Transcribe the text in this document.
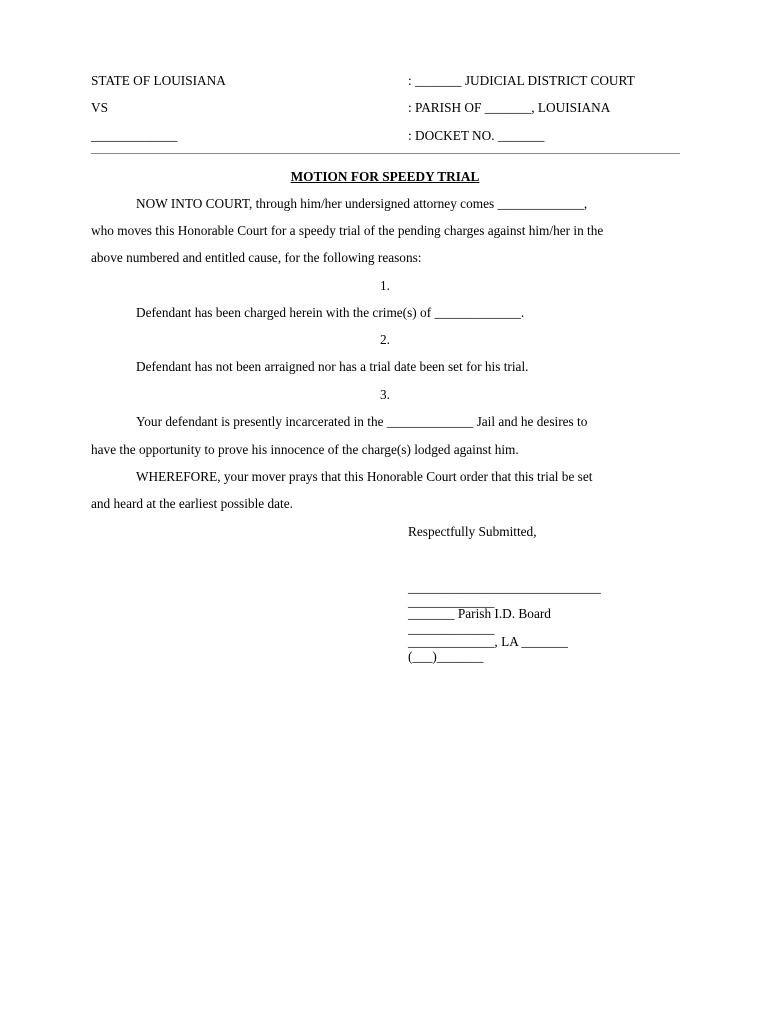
STATE OF LOUISIANA
VS
_____________
: _______ JUDICIAL DISTRICT COURT
: PARISH OF _______, LOUISIANA
: DOCKET NO. _______
MOTION FOR SPEEDY TRIAL
NOW INTO COURT, through him/her undersigned attorney comes _____________,
who moves this Honorable Court for a speedy trial of the pending charges against him/her in the
above numbered and entitled cause, for the following reasons:
1.
Defendant has been charged herein with the crime(s) of _____________.
2.
Defendant has not been arraigned nor has a trial date been set for his trial.
3.
Your defendant is presently incarcerated in the _____________ Jail and he desires to
have the opportunity to prove his innocence of the charge(s) lodged against him.
WHEREFORE, your mover prays that this Honorable Court order that this trial be set
and heard at the earliest possible date.
Respectfully Submitted,
_____________________________
_____________
_______ Parish I.D. Board
_____________
_____________, LA _______
(___)_______
